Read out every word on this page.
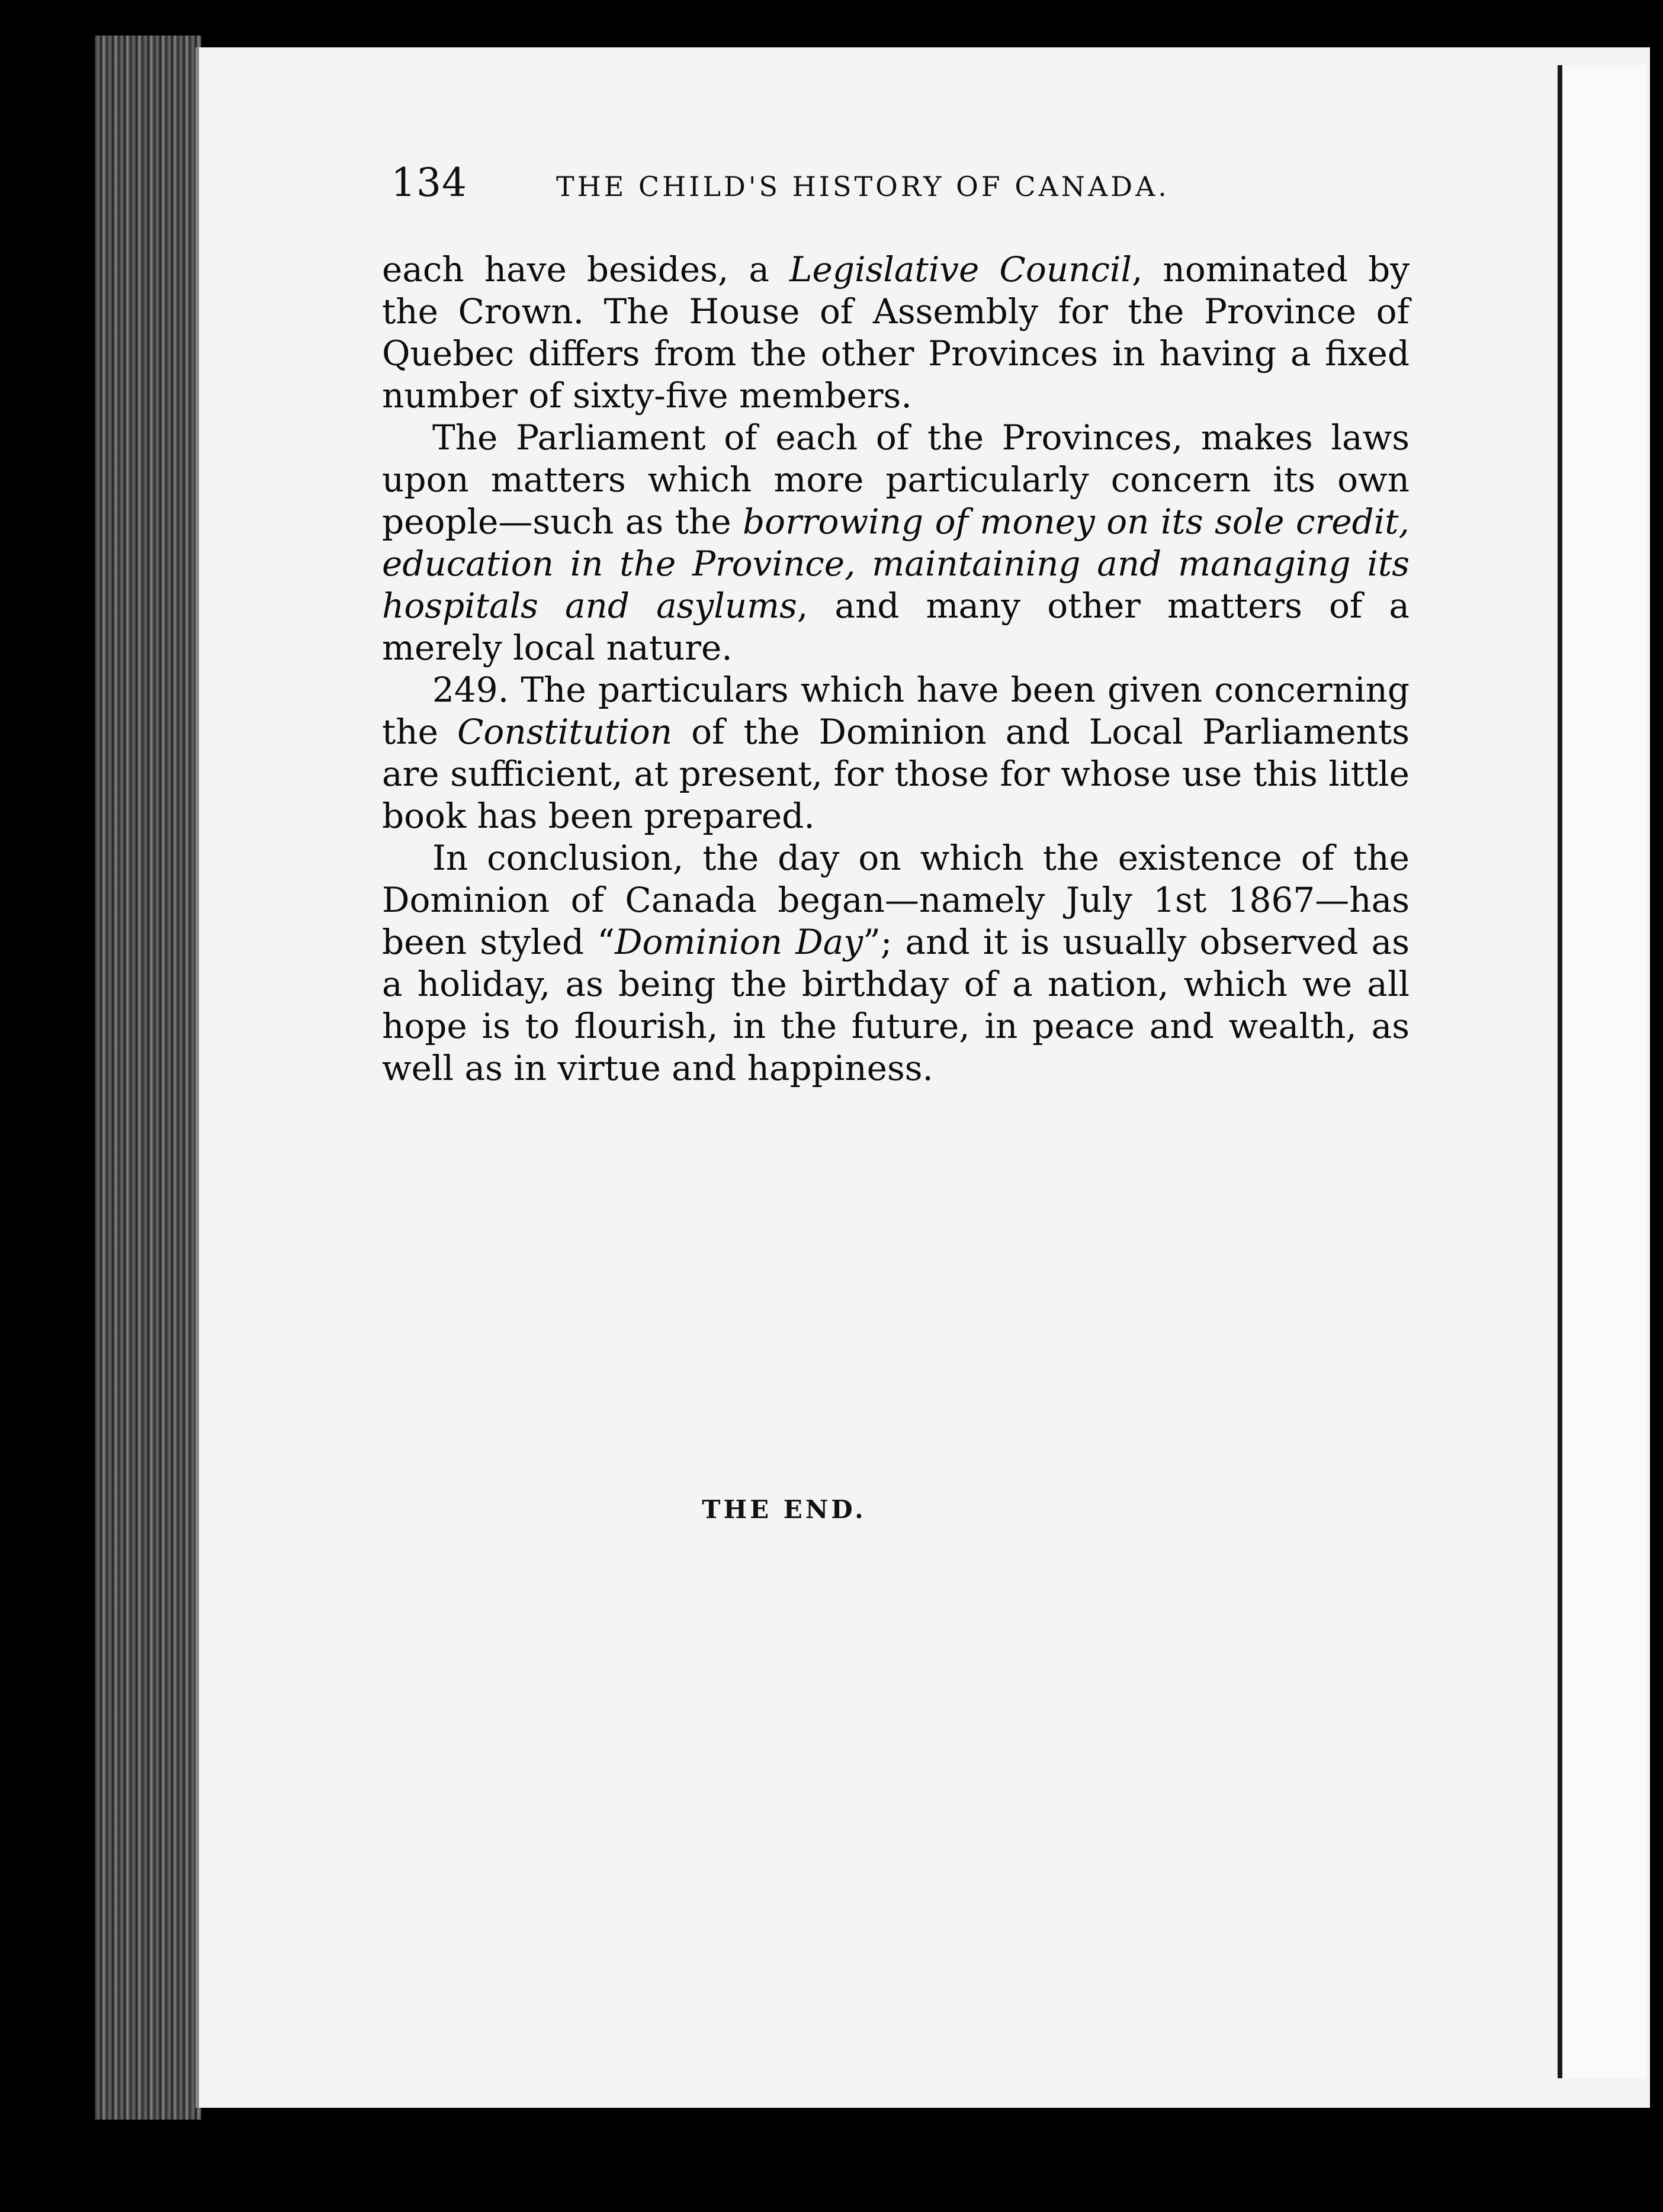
134	THE CHILD'S HISTORY OF CANADA.

each have besides, a Legislative Council, nominated by the Crown. The House of Assembly for the Province of Quebec differs from the other Provinces in having a fixed number of sixty-five members.

The Parliament of each of the Provinces, makes laws upon matters which more particularly concern its own people—such as the borrowing of money on its sole credit, education in the Province, maintaining and managing its hospitals and asylums, and many other matters of a merely local nature.

249. The particulars which have been given concerning the Constitution of the Dominion and Local Parliaments are sufficient, at present, for those for whose use this little book has been prepared.

In conclusion, the day on which the existence of the Dominion of Canada began—namely July 1st 1867—has been styled “Dominion Day”; and it is usually observed as a holiday, as being the birthday of a nation, which we all hope is to flourish, in the future, in peace and wealth, as well as in virtue and happiness.

THE END.
